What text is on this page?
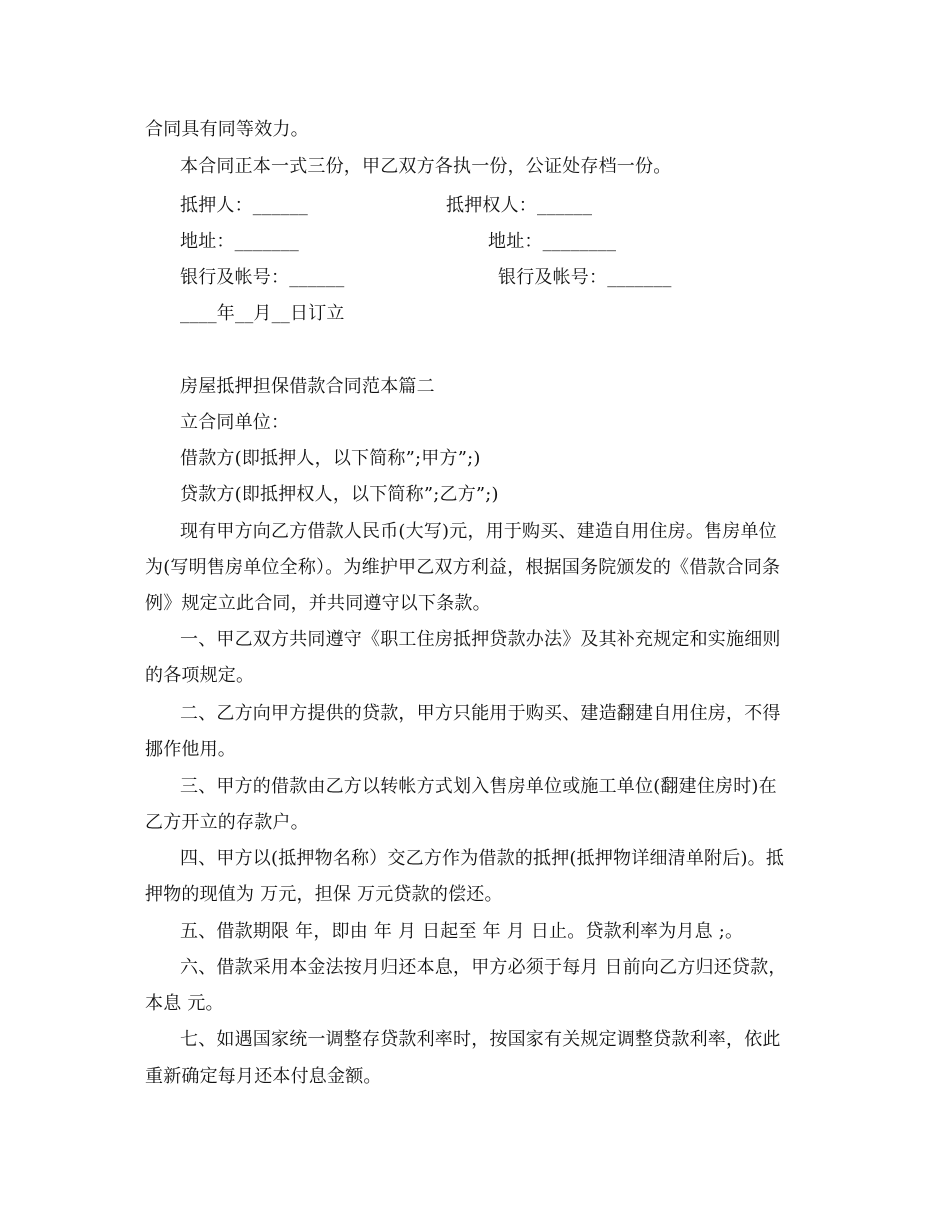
合同具有同等效力。
本合同正本一式三份，甲乙双方各执一份，公证处存档一份。
抵押人：______	抵押权人：______
地址：_______	地址：________
银行及帐号：______	银行及帐号：_______
____年__月__日订立
房屋抵押担保借款合同范本篇二
立合同单位：
借款方(即抵押人，以下简称”;甲方”;)
贷款方(即抵押权人，以下简称”;乙方”;)
现有甲方向乙方借款人民币(大写)元，用于购买、建造自用住房。售房单位
为(写明售房单位全称）。为维护甲乙双方利益，根据国务院颁发的《借款合同条
例》规定立此合同，并共同遵守以下条款。
一、甲乙双方共同遵守《职工住房抵押贷款办法》及其补充规定和实施细则
的各项规定。
二、乙方向甲方提供的贷款，甲方只能用于购买、建造翻建自用住房，不得
挪作他用。
三、甲方的借款由乙方以转帐方式划入售房单位或施工单位(翻建住房时)在
乙方开立的存款户。
四、甲方以(抵押物名称）交乙方作为借款的抵押(抵押物详细清单附后)。抵
押物的现值为 万元，担保 万元贷款的偿还。
五、借款期限 年，即由 年 月 日起至 年 月 日止。贷款利率为月息 ;。
六、借款采用本金法按月归还本息，甲方必须于每月 日前向乙方归还贷款，
本息 元。
七、如遇国家统一调整存贷款利率时，按国家有关规定调整贷款利率，依此
重新确定每月还本付息金额。
